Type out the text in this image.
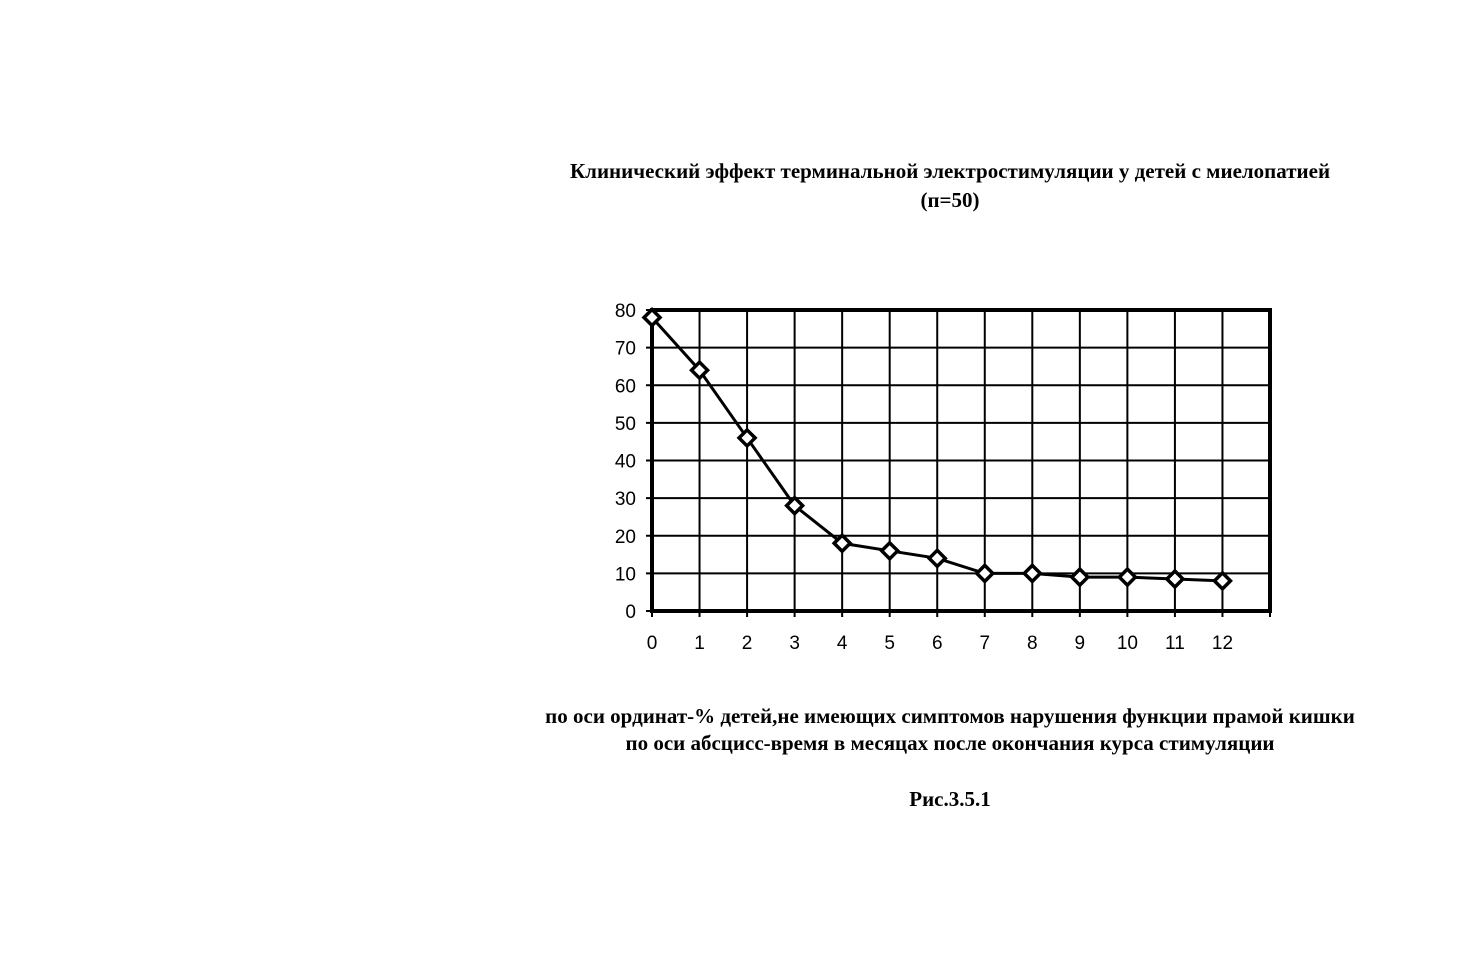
Клинический эффект терминальной электростимуляции у детей с миелопатией
(п=50)
0
10
20
30
40
50
60
70
80
0 1 2 3 4 5 6 7 8 9 10 11 12
по оси ординат-% детей,не имеющих симптомов нарушения функции прамой кишки
по оси абсцисс-время в месяцах после окончания курса стимуляции
Рис.3.5.1
